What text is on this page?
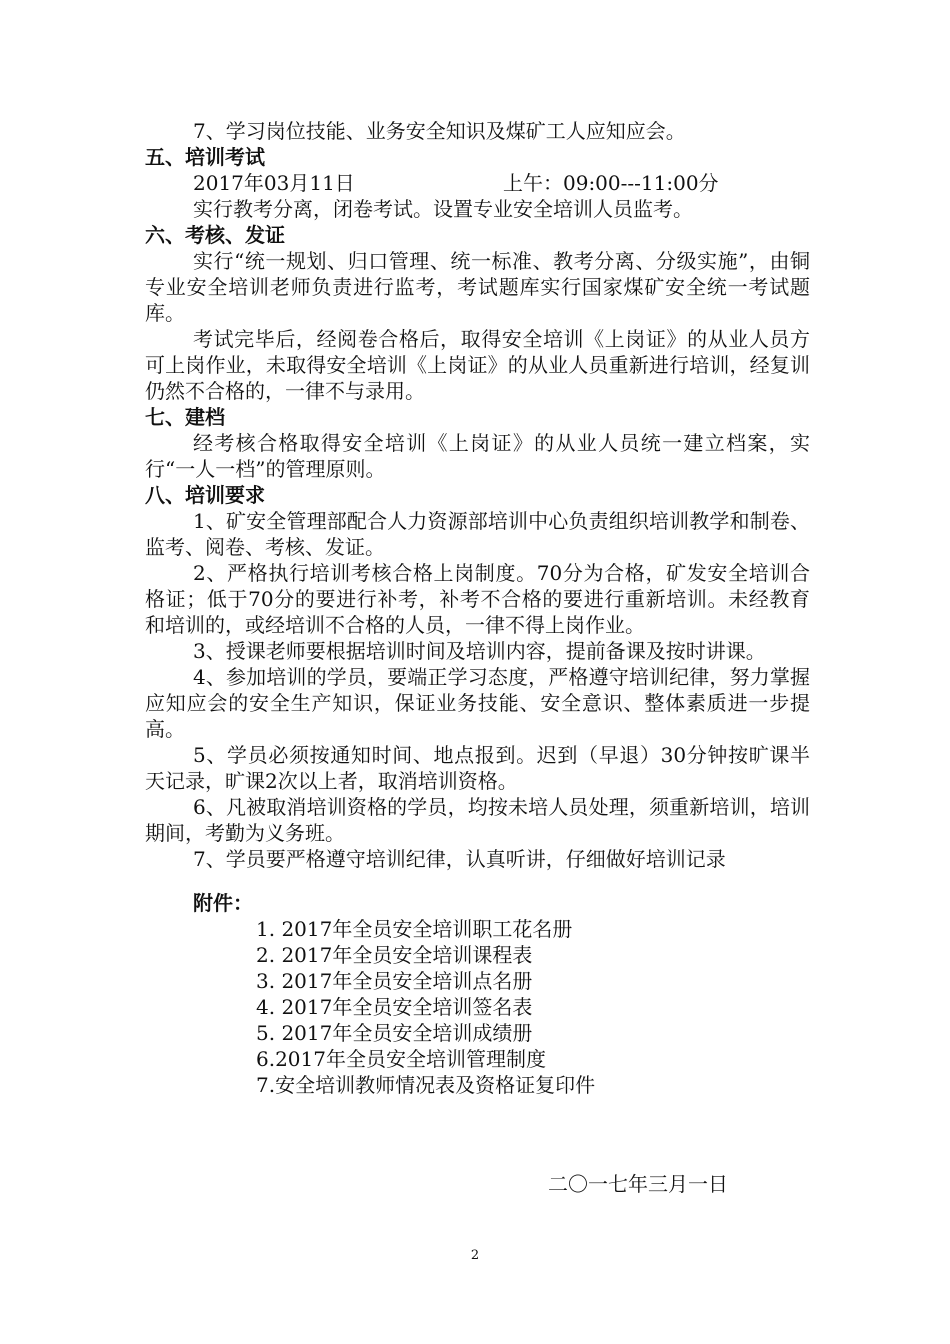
7、学习岗位技能、业务安全知识及煤矿工人应知应会。

五、培训考试

2017年03月11日	上午：09:00---11:00分

实行教考分离，闭卷考试。设置专业安全培训人员监考。

六、考核、发证

实行“统一规划、归口管理、统一标准、教考分离、分级实施”，由铜专业安全培训老师负责进行监考，考试题库实行国家煤矿安全统一考试题库。

考试完毕后，经阅卷合格后，取得安全培训《上岗证》的从业人员方可上岗作业，未取得安全培训《上岗证》的从业人员重新进行培训，经复训仍然不合格的，一律不与录用。

七、建档

经考核合格取得安全培训《上岗证》的从业人员统一建立档案，实行“一人一档”的管理原则。

八、培训要求

1、矿安全管理部配合人力资源部培训中心负责组织培训教学和制卷、监考、阅卷、考核、发证。

2、严格执行培训考核合格上岗制度。70分为合格，矿发安全培训合格证；低于70分的要进行补考，补考不合格的要进行重新培训。未经教育和培训的，或经培训不合格的人员，一律不得上岗作业。

3、授课老师要根据培训时间及培训内容，提前备课及按时讲课。

4、参加培训的学员，要端正学习态度，严格遵守培训纪律，努力掌握应知应会的安全生产知识，保证业务技能、安全意识、整体素质进一步提高。

5、学员必须按通知时间、地点报到。迟到（早退）30分钟按旷课半天记录，旷课2次以上者，取消培训资格。

6、凡被取消培训资格的学员，均按未培人员处理，须重新培训，培训期间，考勤为义务班。

7、学员要严格遵守培训纪律，认真听讲，仔细做好培训记录

附件：

1. 2017年全员安全培训职工花名册
2. 2017年全员安全培训课程表
3. 2017年全员安全培训点名册
4. 2017年全员安全培训签名表
5. 2017年全员安全培训成绩册
6.2017年全员安全培训管理制度
7.安全培训教师情况表及资格证复印件
二〇一七年三月一日
2
